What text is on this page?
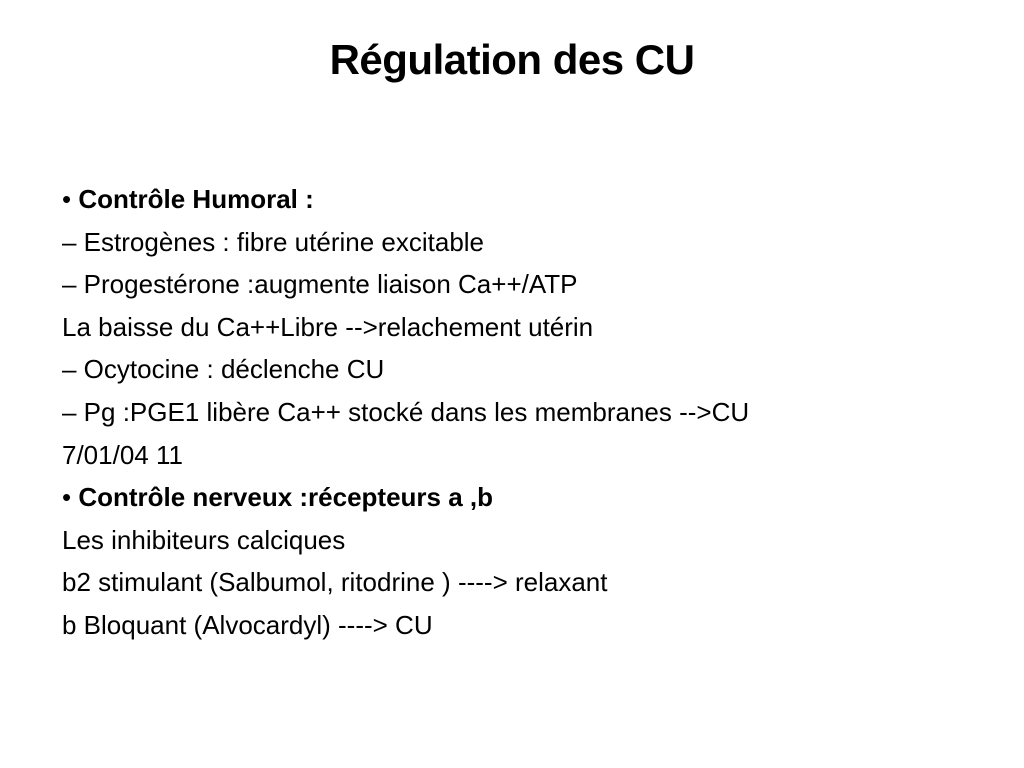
Régulation des CU

• Contrôle Humoral :

– Estrogènes : fibre utérine excitable

– Progestérone :augmente liaison Ca++/ATP

La baisse du Ca++Libre -->relachement utérin

– Ocytocine : déclenche CU

– Pg :PGE1 libère Ca++ stocké dans les membranes -->CU

7/01/04 11

• Contrôle nerveux :récepteurs a ,b

Les inhibiteurs calciques

b2 stimulant (Salbumol, ritodrine ) ----> relaxant

b Bloquant (Alvocardyl) ----> CU
